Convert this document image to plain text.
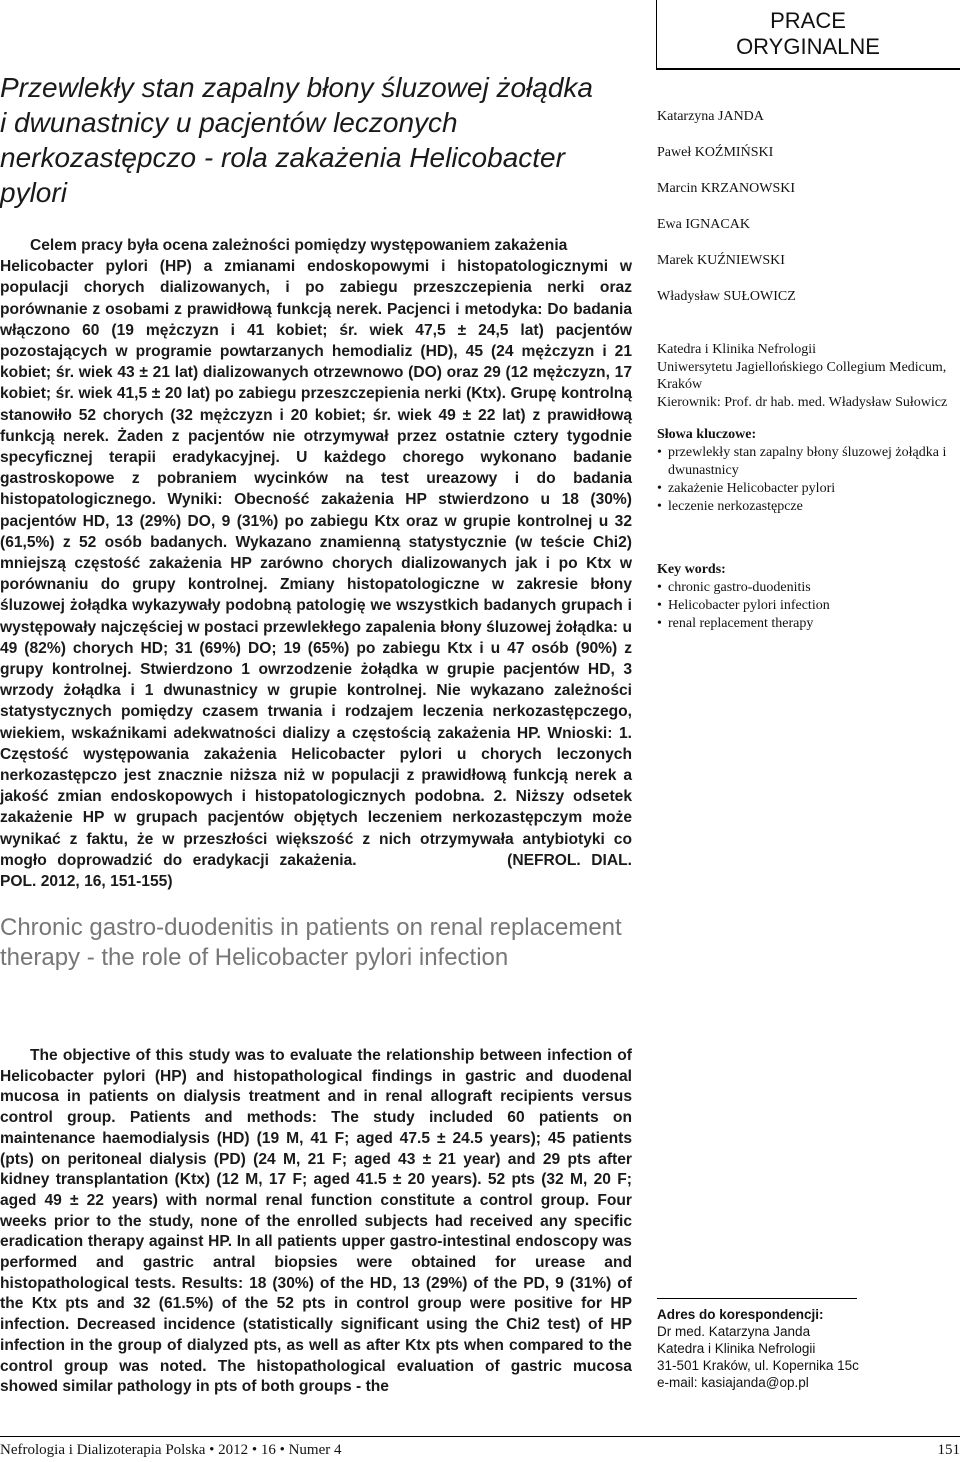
Przewlekły stan zapalny błony śluzowej żołądka i dwunastnicy u pacjentów leczonych nerkozastępczo - rola zakażenia Helicobacter pylori
Celem pracy była ocena zależności pomiędzy występowaniem zakażenia
Helicobacter pylori (HP) a zmianami endoskopowymi i histopatologicznymi w populacji chorych dializowanych, i po zabiegu przeszczepienia nerki oraz porównanie z osobami z prawidłową funkcją nerek. Pacjenci i metodyka: Do badania włączono 60 (19 mężczyzn i 41 kobiet; śr. wiek 47,5 ± 24,5 lat) pacjentów pozostających w programie powtarzanych hemodializ (HD), 45 (24 mężczyzn i 21 kobiet; śr. wiek 43 ± 21 lat) dializowanych otrzewnowo (DO) oraz 29 (12 mężczyzn, 17 kobiet; śr. wiek 41,5 ± 20 lat) po zabiegu przeszczepienia nerki (Ktx). Grupę kontrolną stanowiło 52 chorych (32 mężczyzn i 20 kobiet; śr. wiek 49 ± 22 lat) z prawidłową funkcją nerek. Żaden z pacjentów nie otrzymywał przez ostatnie cztery tygodnie specyficznej terapii eradykacyjnej. U każdego chorego wykonano badanie gastroskopowe z pobraniem wycinków na test ureazowy i do badania histopatologicznego. Wyniki: Obecność zakażenia HP stwierdzono u 18 (30%) pacjentów HD, 13 (29%) DO, 9 (31%) po zabiegu Ktx oraz w grupie kontrolnej u 32 (61,5%) z 52 osób badanych. Wykazano znamienną statystycznie (w teście Chi2) mniejszą częstość zakażenia HP zarówno chorych dializowanych jak i po Ktx w porównaniu do grupy kontrolnej. Zmiany histopatologiczne w zakresie błony śluzowej żołądka wykazywały podobną patologię we wszystkich badanych grupach i występowały najczęściej w postaci przewlekłego zapalenia błony śluzowej żołądka: u 49 (82%) chorych HD; 31 (69%) DO; 19 (65%) po zabiegu Ktx i u 47 osób (90%) z grupy kontrolnej. Stwierdzono 1 owrzodzenie żołądka w grupie pacjentów HD, 3 wrzody żołądka i 1 dwunastnicy w grupie kontrolnej. Nie wykazano zależności statystycznych pomiędzy czasem trwania i rodzajem leczenia nerkozastępczego, wiekiem, wskaźnikami adekwatności dializy a częstością zakażenia HP. Wnioski: 1. Częstość występowania zakażenia Helicobacter pylori u chorych leczonych nerkozastępczo jest znacznie niższa niż w populacji z prawidłową funkcją nerek a jakość zmian endoskopowych i histopatologicznych podobna. 2. Niższy odsetek zakażenie HP w grupach pacjentów objętych leczeniem nerkozastępczym może wynikać z faktu, że w przeszłości większość z nich otrzymywała antybiotyki co mogło doprowadzić do eradykacji zakażenia.	(NEFROL. DIAL. POL. 2012, 16, 151-155)
Chronic gastro-duodenitis in patients on renal replacement therapy - the role of Helicobacter pylori infection
The objective of this study was to evaluate the relationship between infection of Helicobacter pylori (HP) and histopathological findings in gastric and duodenal mucosa in patients on dialysis treatment and in renal allograft recipients versus control group. Patients and methods: The study included 60 patients on maintenance haemodialysis (HD) (19 M, 41 F; aged 47.5 ± 24.5 years); 45 patients (pts) on peritoneal dialysis (PD) (24 M, 21 F; aged 43 ± 21 year) and 29 pts after kidney transplantation (Ktx) (12 M, 17 F; aged 41.5 ± 20 years). 52 pts (32 M, 20 F; aged 49 ± 22 years) with normal renal function constitute a control group. Four weeks prior to the study, none of the enrolled subjects had received any specific eradication therapy against HP. In all patients upper gastro-intestinal endoscopy was performed and gastric antral biopsies were obtained for urease and histopathological tests. Results: 18 (30%) of the HD, 13 (29%) of the PD, 9 (31%) of the Ktx pts and 32 (61.5%) of the 52 pts in control group were positive for HP infection. Decreased incidence (statistically significant using the Chi2 test) of HP infection in the group of dialyzed pts, as well as after Ktx pts when compared to the control group was noted. The histopathological evaluation of gastric mucosa showed similar pathology in pts of both groups - the
PRACE
ORYGINALNE
Katarzyna JANDA
Paweł KOŹMIŃSKI
Marcin KRZANOWSKI
Ewa IGNACAK
Marek KUŹNIEWSKI
Władysław SUŁOWICZ
Katedra i Klinika Nefrologii
Uniwersytetu Jagiellońskiego Collegium Medicum, Kraków
Kierownik: Prof. dr hab. med. Władysław Sułowicz
Słowa kluczowe:
• przewlekły stan zapalny błony śluzowej żołądka i dwunastnicy
• zakażenie Helicobacter pylori
• leczenie nerkozastępcze
Key words:
• chronic gastro-duodenitis
• Helicobacter pylori infection
• renal replacement therapy
Adres do korespondencji:
Dr med. Katarzyna Janda
Katedra i Klinika Nefrologii
31-501 Kraków, ul. Kopernika 15c
e-mail: kasiajanda@op.pl
Nefrologia i Dializoterapia Polska • 2012 • 16 • Numer 4	151
